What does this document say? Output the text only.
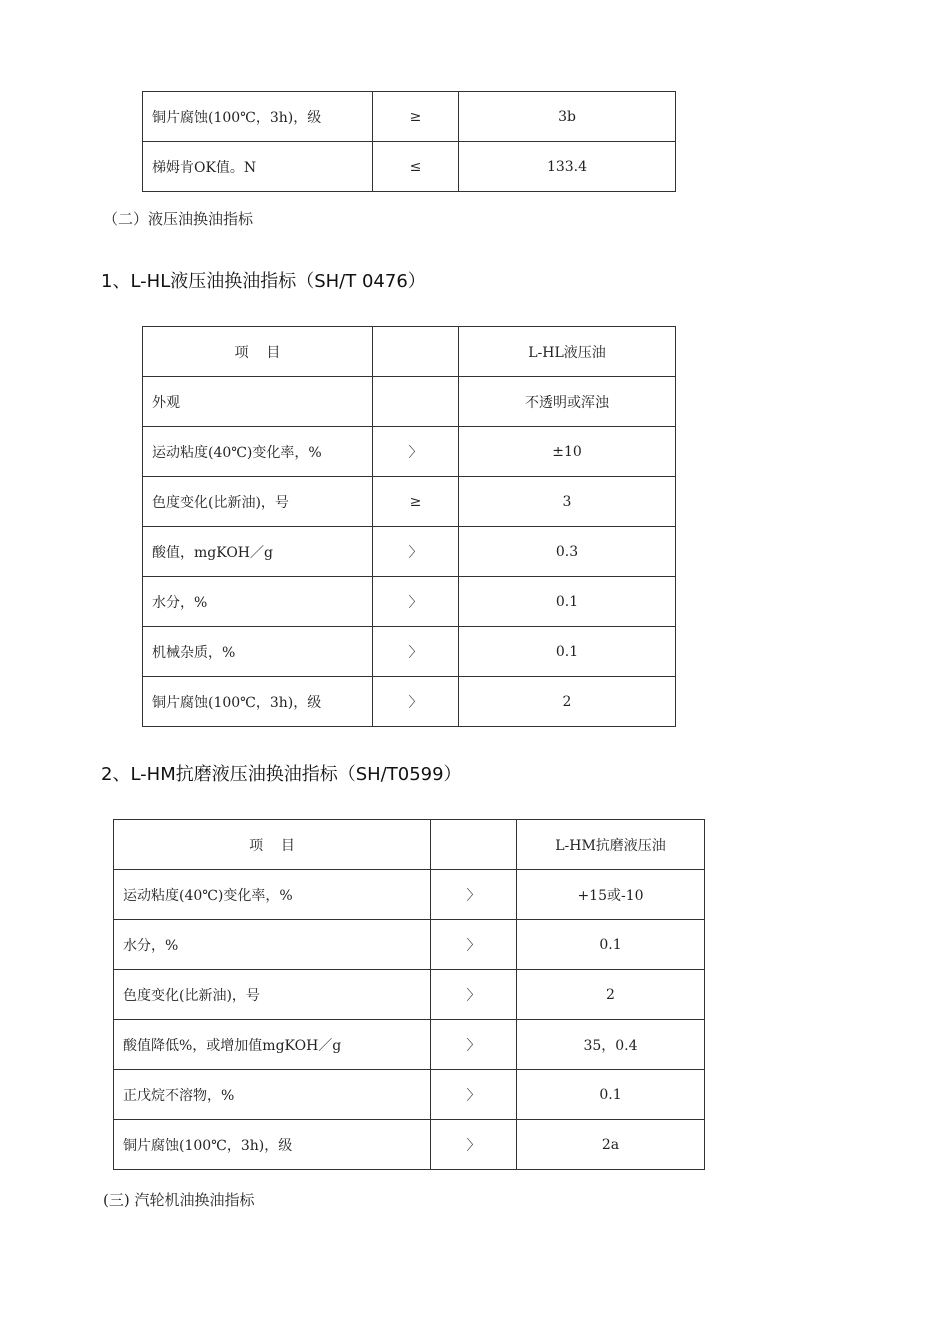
铜片腐蚀(100℃，3h)，级	≥	3b
梯姆肯OK值。N	≤	133.4
（二）液压油换油指标
1、L-HL液压油换油指标（SH/T 0476）
项    目		L-HL液压油
外观		不透明或浑浊
运动粘度(40℃)变化率，%	〉	±10
色度变化(比新油)，号	≥	3
酸值，mgKOH／g	〉	0.3
水分，%	〉	0.1
机械杂质，%	〉	0.1
铜片腐蚀(100℃，3h)，级	〉	2
2、L-HM抗磨液压油换油指标（SH/T0599）
项    目		L-HM抗磨液压油
运动粘度(40℃)变化率，%	〉	+15或-10
水分，%	〉	0.1
色度变化(比新油)，号	〉	2
酸值降低%，或增加值mgKOH／g	〉	35，0.4
正戊烷不溶物，%	〉	0.1
铜片腐蚀(100℃，3h)，级	〉	2a
(三) 汽轮机油换油指标
